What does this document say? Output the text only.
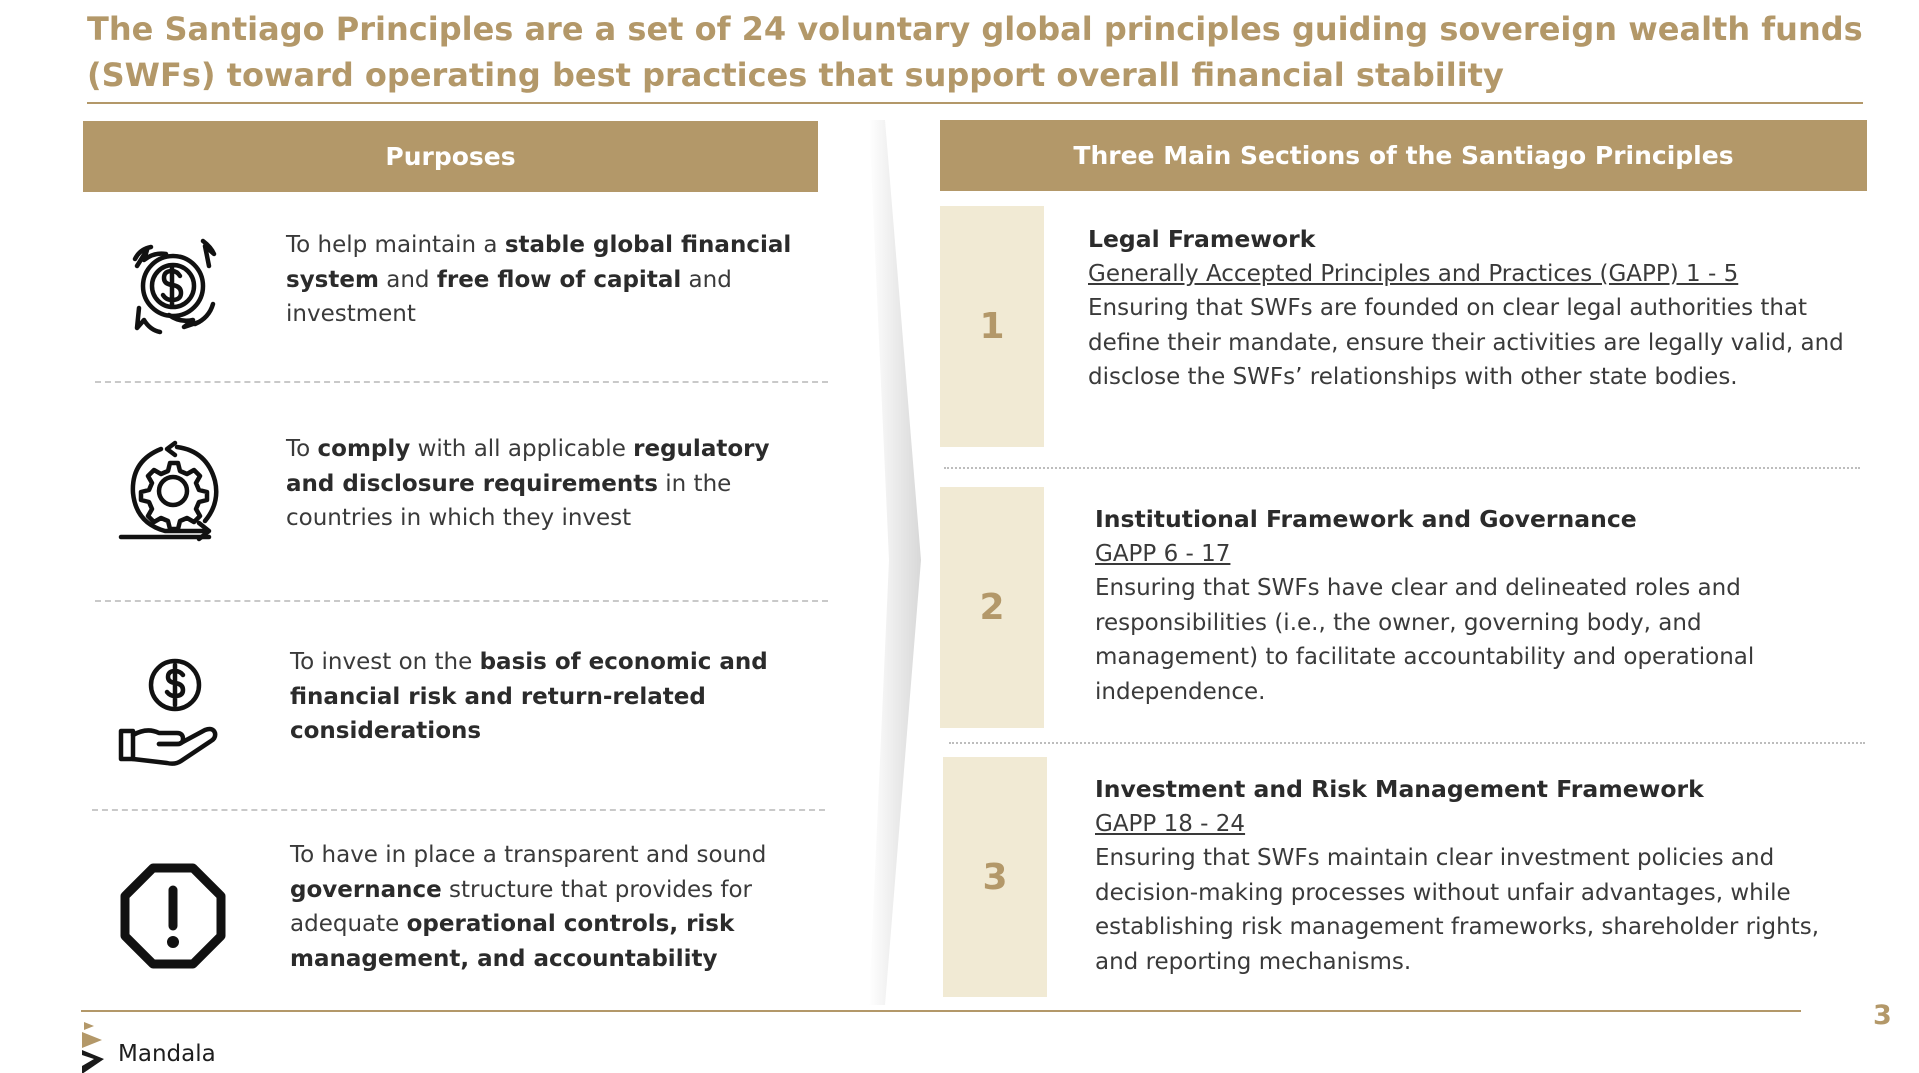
The Santiago Principles are a set of 24 voluntary global principles guiding sovereign wealth funds
(SWFs) toward operating best practices that support overall financial stability
Purposes
To help maintain a stable global financial system and free flow of capital and investment
To comply with all applicable regulatory and disclosure requirements in the countries in which they invest
To invest on the basis of economic and financial risk and return-related considerations
To have in place a transparent and sound governance structure that provides for adequate operational controls, risk management, and accountability
Three Main Sections of the Santiago Principles
1
Legal Framework
Generally Accepted Principles and Practices (GAPP) 1 - 5
Ensuring that SWFs are founded on clear legal authorities that define their mandate, ensure their activities are legally valid, and disclose the SWFs’ relationships with other state bodies.
2
Institutional Framework and Governance
GAPP 6 - 17
Ensuring that SWFs have clear and delineated roles and responsibilities (i.e., the owner, governing body, and management) to facilitate accountability and operational independence.
3
Investment and Risk Management Framework
GAPP 18 - 24
Ensuring that SWFs maintain clear investment policies and decision-making processes without unfair advantages, while establishing risk management frameworks, shareholder rights, and reporting mechanisms.
Mandala
3
